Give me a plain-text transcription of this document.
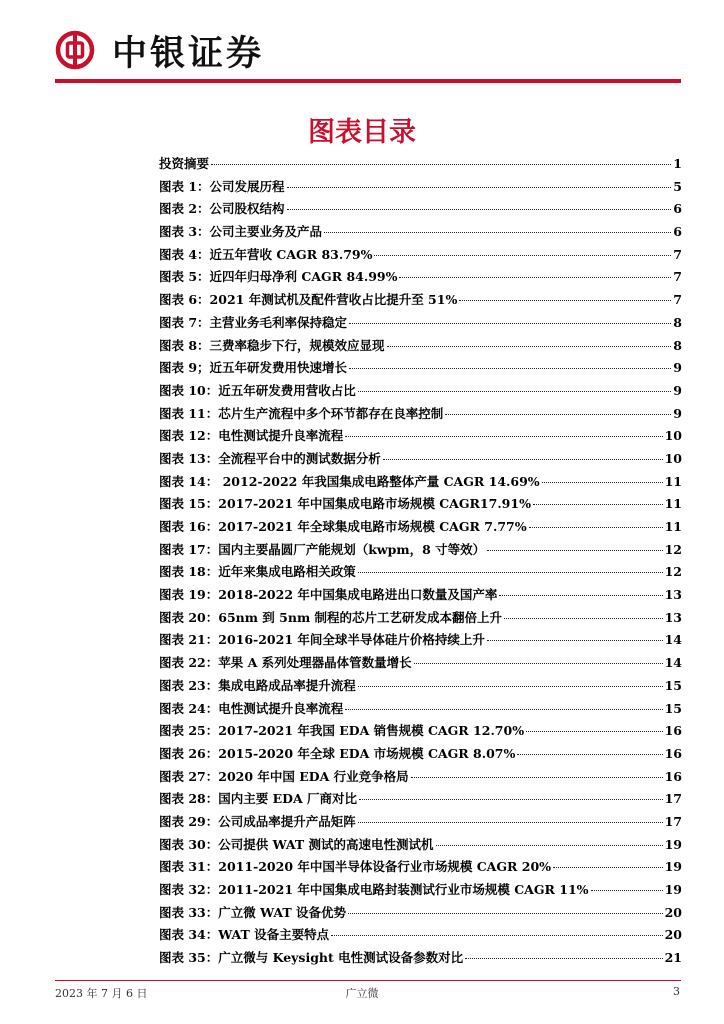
中银证券
图表目录
投资摘要	1
图表 1：公司发展历程	5
图表 2：公司股权结构	6
图表 3：公司主要业务及产品	6
图表 4：近五年营收 CAGR 83.79%	7
图表 5：近四年归母净利 CAGR 84.99%	7
图表 6：2021 年测试机及配件营收占比提升至 51%	7
图表 7：主营业务毛利率保持稳定	8
图表 8：三费率稳步下行，规模效应显现	8
图表 9；近五年研发费用快速增长	9
图表 10：近五年研发费用营收占比	9
图表 11：芯片生产流程中多个环节都存在良率控制	9
图表 12：电性测试提升良率流程	10
图表 13：全流程平台中的测试数据分析	10
图表 14： 2012-2022 年我国集成电路整体产量 CAGR 14.69%	11
图表 15：2017-2021 年中国集成电路市场规模 CAGR17.91%	11
图表 16：2017-2021 年全球集成电路市场规模 CAGR 7.77%	11
图表 17：国内主要晶圆厂产能规划（kwpm，8 寸等效）	12
图表 18：近年来集成电路相关政策	12
图表 19：2018-2022 年中国集成电路进出口数量及国产率	13
图表 20：65nm 到 5nm 制程的芯片工艺研发成本翻倍上升	13
图表 21：2016-2021 年间全球半导体硅片价格持续上升	14
图表 22：苹果 A 系列处理器晶体管数量增长	14
图表 23：集成电路成品率提升流程	15
图表 24：电性测试提升良率流程	15
图表 25：2017-2021 年我国 EDA 销售规模 CAGR 12.70%	16
图表 26：2015-2020 年全球 EDA 市场规模 CAGR 8.07%	16
图表 27：2020 年中国 EDA 行业竞争格局	16
图表 28：国内主要 EDA 厂商对比	17
图表 29：公司成品率提升产品矩阵	17
图表 30：公司提供 WAT 测试的高速电性测试机	19
图表 31：2011-2020 年中国半导体设备行业市场规模 CAGR 20%	19
图表 32：2011-2021 年中国集成电路封装测试行业市场规模 CAGR 11%	19
图表 33：广立微 WAT 设备优势	20
图表 34：WAT 设备主要特点	20
图表 35：广立微与 Keysight 电性测试设备参数对比	21
2023 年 7 月 6 日	广立微	3
